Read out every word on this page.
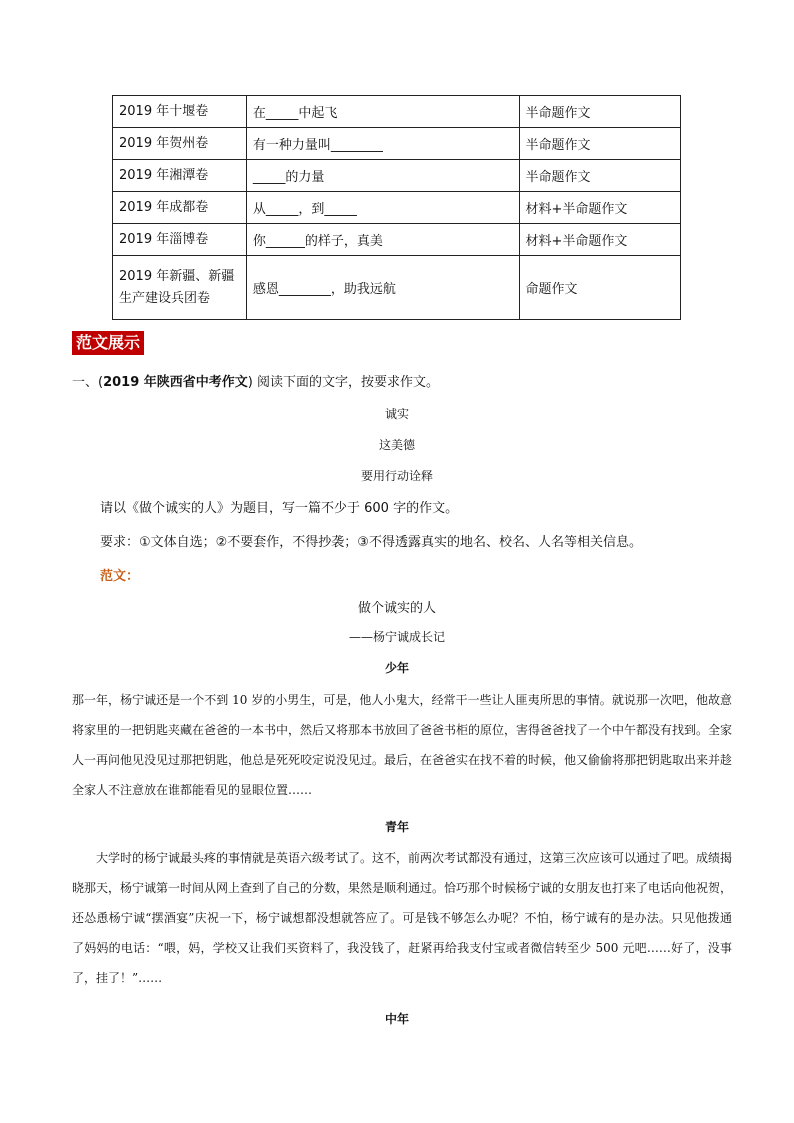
2019 年十堰卷	在_____中起飞	半命题作文
2019 年贺州卷	有一种力量叫________	半命题作文
2019 年湘潭卷	_____的力量	半命题作文
2019 年成都卷	从_____，到_____	材料+半命题作文
2019 年淄博卷	你______的样子，真美	材料+半命题作文

2019 年新疆、新疆
生产建设兵团卷	感恩________，助我远航	命题作文
范文展示
一、(2019 年陕西省中考作文) 阅读下面的文字，按要求作文。
诚实
这美德
要用行动诠释
请以《做个诚实的人》为题目，写一篇不少于 600 字的作文。
要求：①文体自选；②不要套作，不得抄袭；③不得透露真实的地名、校名、人名等相关信息。
范文：
做个诚实的人
——杨宁诚成长记
少年
那一年，杨宁诚还是一个不到 10 岁的小男生，可是，他人小鬼大，经常干一些让人匪夷所思的事情。就说那一次吧，他故意将家里的一把钥匙夹藏在爸爸的一本书中，然后又将那本书放回了爸爸书柜的原位，害得爸爸找了一个中午都没有找到。全家人一再问他见没见过那把钥匙，他总是死死咬定说没见过。最后，在爸爸实在找不着的时候，他又偷偷将那把钥匙取出来并趁全家人不注意放在谁都能看见的显眼位置……
青年
大学时的杨宁诚最头疼的事情就是英语六级考试了。这不，前两次考试都没有通过，这第三次应该可以通过了吧。成绩揭晓那天，杨宁诚第一时间从网上查到了自己的分数，果然是顺利通过。恰巧那个时候杨宁诚的女朋友也打来了电话向他祝贺，还怂恿杨宁诚“摆酒宴”庆祝一下，杨宁诚想都没想就答应了。可是钱不够怎么办呢？不怕，杨宁诚有的是办法。只见他拨通了妈妈的电话：“喂，妈，学校又让我们买资料了，我没钱了，赶紧再给我支付宝或者微信转至少 500 元吧……好了，没事了，挂了！”……
中年
